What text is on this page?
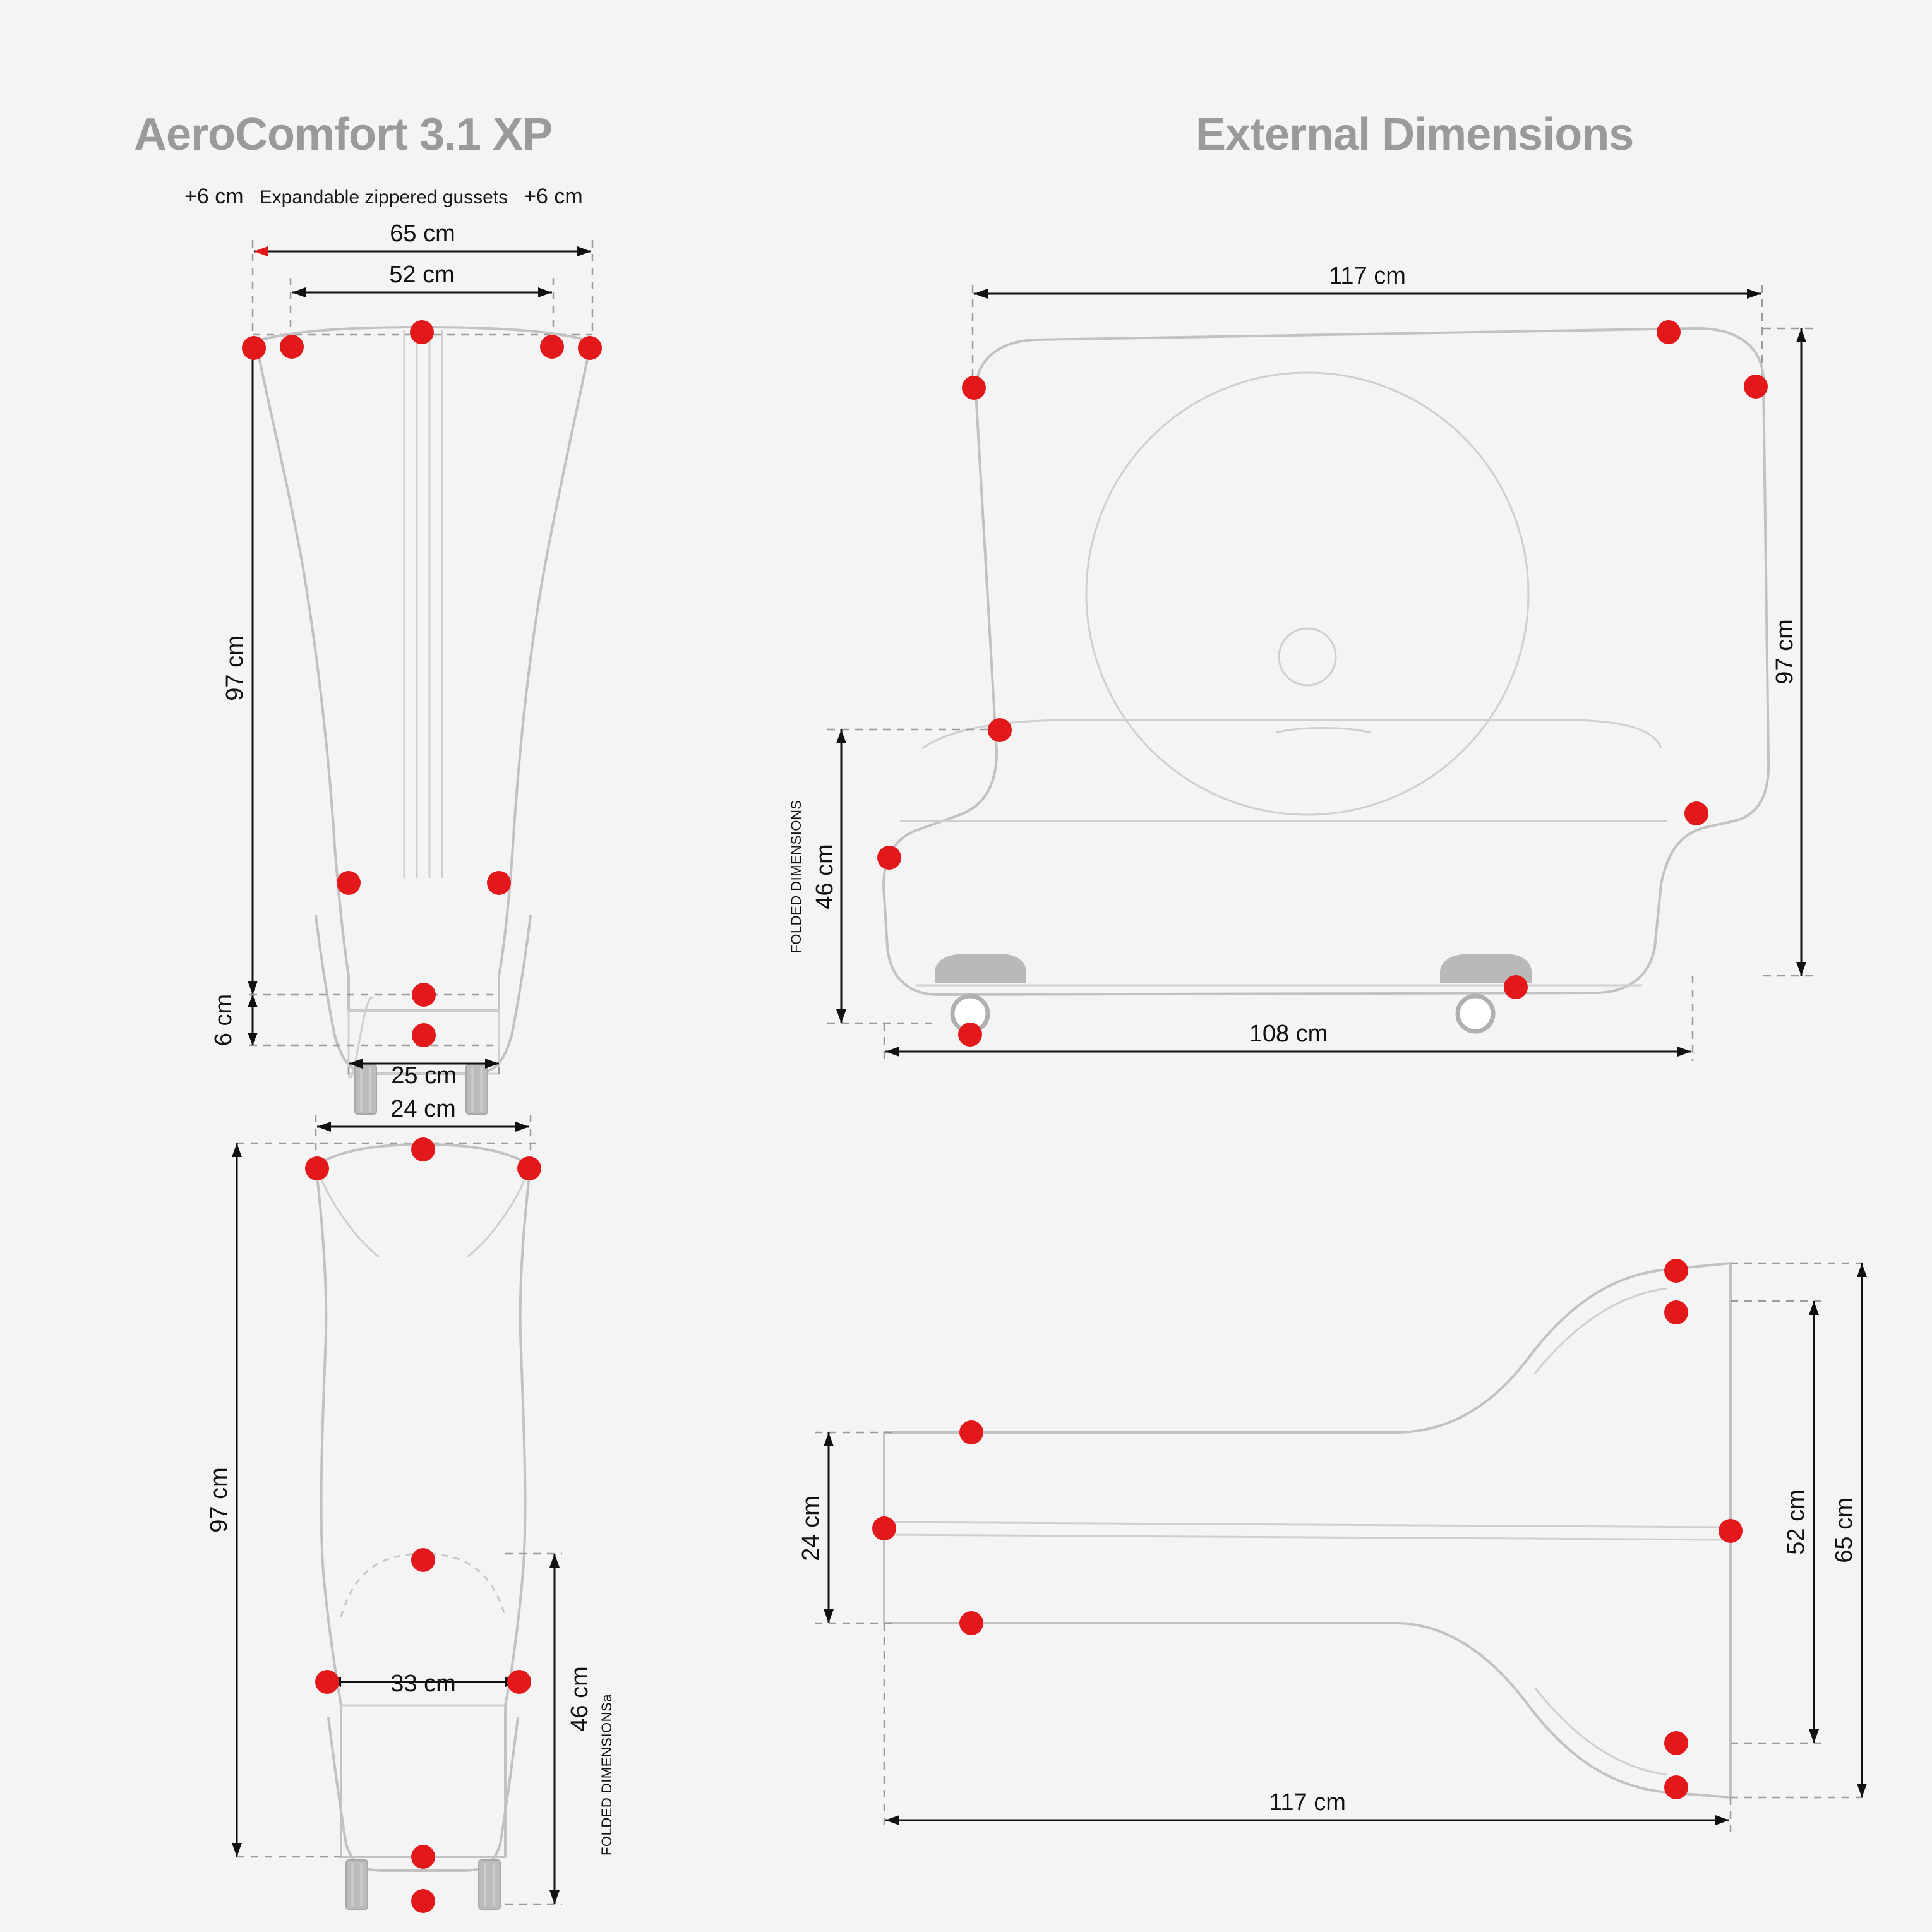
AeroComfort 3.1 XP	External Dimensions
+6 cm Expandable zippered gussets +6 cm
65 cm
52 cm
97 cm
6 cm
25 cm
24 cm
97 cm
33 cm	46 cm FOLDED DIMENSIONSa
117 cm
97 cm
46 cm
FOLDED DIMENSIONS
108 cm
24 cm	52 cm 65 cm
117 cm
